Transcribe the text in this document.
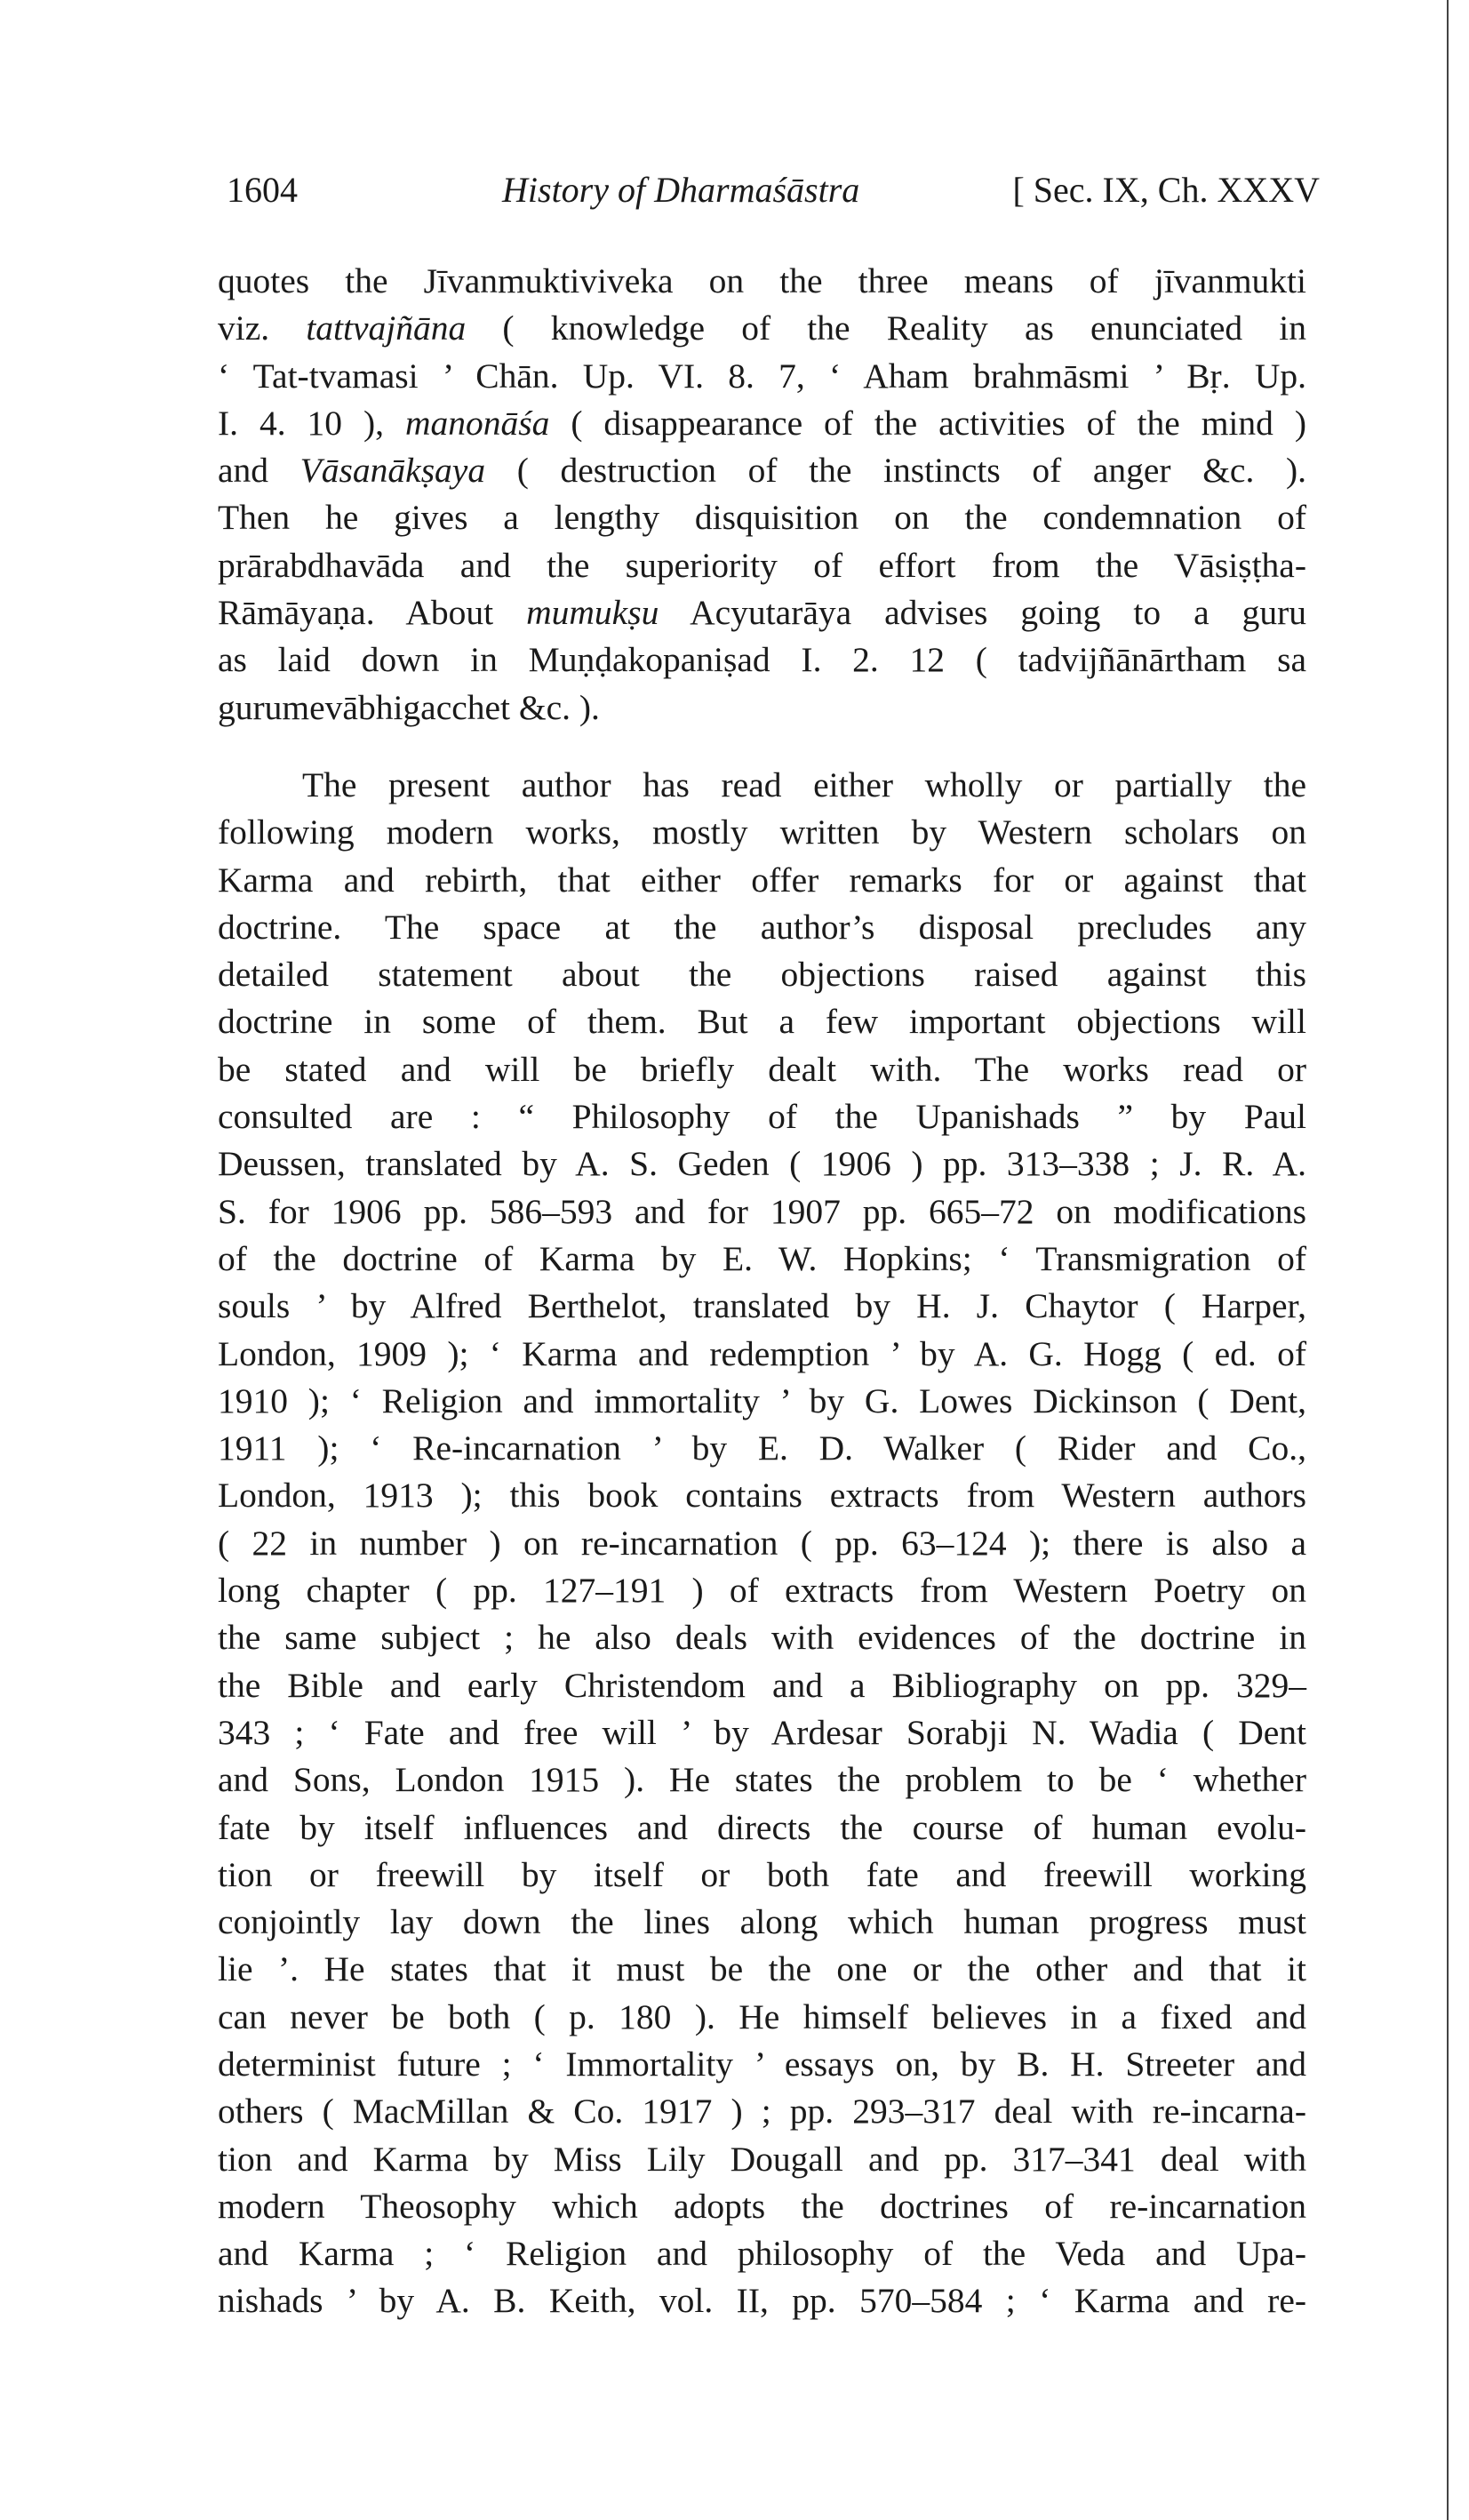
1604	History of Dharmaśāstra	[ Sec. IX, Ch. XXXV
quotes the Jīvanmuktiviveka on the three means of jīvanmukti
viz. tattvajñāna ( knowledge of the Reality as enunciated in
‘ Tat-tvamasi ’ Chān. Up. VI. 8. 7, ‘ Aham brahmāsmi ’ Bṛ. Up.
I. 4. 10 ), manonāśa ( disappearance of the activities of the mind )
and Vāsanākṣaya ( destruction of the instincts of anger &c. ).
Then he gives a lengthy disquisition on the condemnation of
prārabdhavāda and the superiority of effort from the Vāsiṣṭha-
Rāmāyaṇa. About mumukṣu Acyutarāya advises going to a guru
as laid down in Muṇḍakopaniṣad I. 2. 12 ( tadvijñānārtham sa
gurumevābhigacchet &c. ).
The present author has read either wholly or partially the
following modern works, mostly written by Western scholars on
Karma and rebirth, that either offer remarks for or against that
doctrine. The space at the author’s disposal precludes any
detailed statement about the objections raised against this
doctrine in some of them. But a few important objections will
be stated and will be briefly dealt with. The works read or
consulted are : “ Philosophy of the Upanishads ” by Paul
Deussen, translated by A. S. Geden ( 1906 ) pp. 313–338 ; J. R. A.
S. for 1906 pp. 586–593 and for 1907 pp. 665–72 on modifications
of the doctrine of Karma by E. W. Hopkins; ‘ Transmigration of
souls ’ by Alfred Berthelot, translated by H. J. Chaytor ( Harper,
London, 1909 ); ‘ Karma and redemption ’ by A. G. Hogg ( ed. of
1910 ); ‘ Religion and immortality ’ by G. Lowes Dickinson ( Dent,
1911 ); ‘ Re-incarnation ’ by E. D. Walker ( Rider and Co.,
London, 1913 ); this book contains extracts from Western authors
( 22 in number ) on re-incarnation ( pp. 63–124 ); there is also a
long chapter ( pp. 127–191 ) of extracts from Western Poetry on
the same subject ; he also deals with evidences of the doctrine in
the Bible and early Christendom and a Bibliography on pp. 329–
343 ; ‘ Fate and free will ’ by Ardesar Sorabji N. Wadia ( Dent
and Sons, London 1915 ). He states the problem to be ‘ whether
fate by itself influences and directs the course of human evolu-
tion or freewill by itself or both fate and freewill working
conjointly lay down the lines along which human progress must
lie ’. He states that it must be the one or the other and that it
can never be both ( p. 180 ). He himself believes in a fixed and
determinist future ; ‘ Immortality ’ essays on, by B. H. Streeter and
others ( MacMillan & Co. 1917 ) ; pp. 293–317 deal with re-incarna-
tion and Karma by Miss Lily Dougall and pp. 317–341 deal with
modern Theosophy which adopts the doctrines of re-incarnation
and Karma ; ‘ Religion and philosophy of the Veda and Upa-
nishads ’ by A. B. Keith, vol. II, pp. 570–584 ; ‘ Karma and re-
